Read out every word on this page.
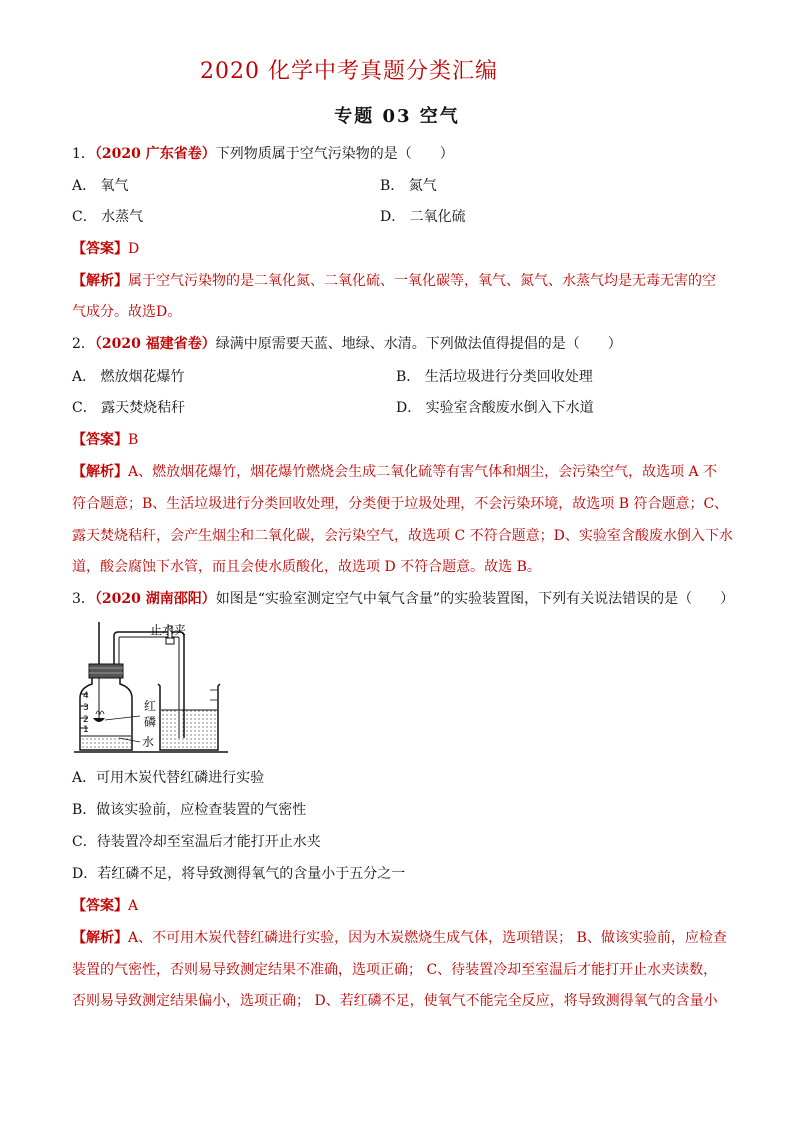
2020 化学中考真题分类汇编
专题 03 空气
1．（2020 广东省卷）下列物质属于空气污染物的是（　　）
A． 氧气	B． 氮气
C． 水蒸气	D． 二氧化硫
【答案】D
【解析】属于空气污染物的是二氧化氮、二氧化硫、一氧化碳等，氧气、氮气、水蒸气均是无毒无害的空
气成分。故选D。
2．（2020 福建省卷）绿满中原需要天蓝、地绿、水清。下列做法值得提倡的是（　　）
A． 燃放烟花爆竹	B． 生活垃圾进行分类回收处理
C． 露天焚烧秸秆	D． 实验室含酸废水倒入下水道
【答案】B
【解析】A、燃放烟花爆竹，烟花爆竹燃烧会生成二氧化硫等有害气体和烟尘，会污染空气，故选项 A 不
符合题意；B、生活垃圾进行分类回收处理，分类便于垃圾处理，不会污染环境，故选项 B 符合题意；C、
露天焚烧秸秆，会产生烟尘和二氧化碳，会污染空气，故选项 C 不符合题意；D、实验室含酸废水倒入下水
道，酸会腐蚀下水管，而且会使水质酸化，故选项 D 不符合题意。故选 B。
3．（2020 湖南邵阳）如图是“实验室测定空气中氧气含量”的实验装置图，下列有关说法错误的是（　　）
4
3
2
1
止水夹
红
磷
水
A．可用木炭代替红磷进行实验
B．做该实验前，应检查装置的气密性
C．待装置冷却至室温后才能打开止水夹
D．若红磷不足，将导致测得氧气的含量小于五分之一
【答案】A
【解析】A、不可用木炭代替红磷进行实验，因为木炭燃烧生成气体，选项错误； B、做该实验前，应检查
装置的气密性，否则易导致测定结果不准确，选项正确； C、待装置冷却至室温后才能打开止水夹读数，
否则易导致测定结果偏小，选项正确； D、若红磷不足，使氧气不能完全反应，将导致测得氧气的含量小
